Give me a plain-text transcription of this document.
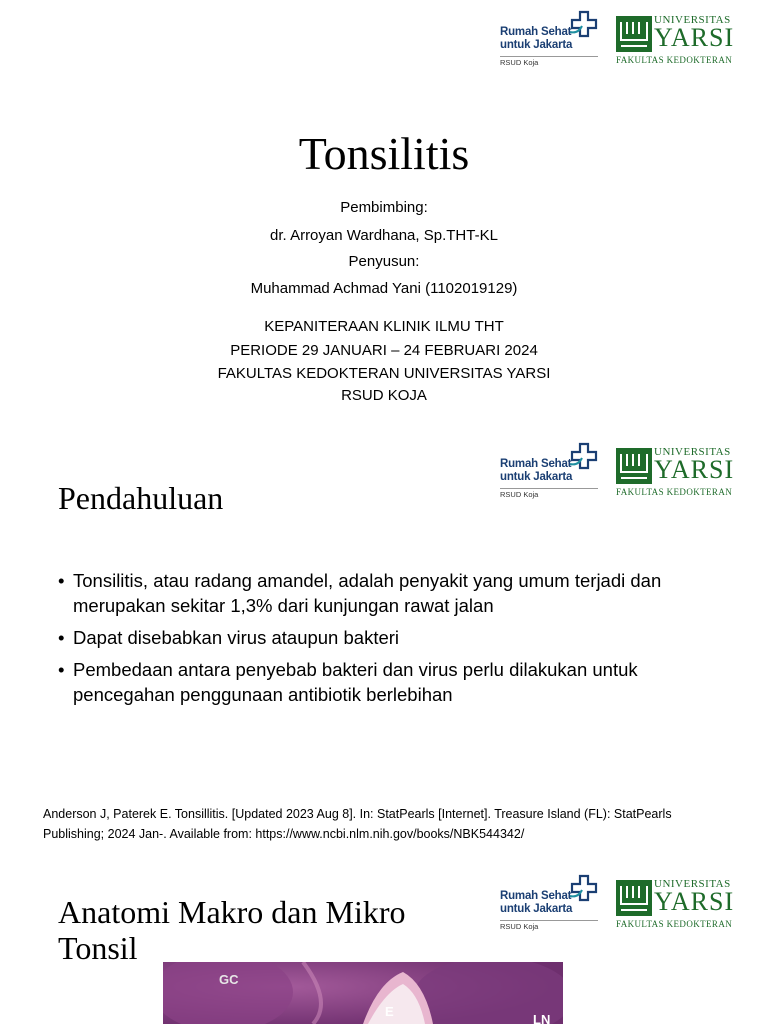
Rumah Sehat
untuk Jakarta
RSUD Koja
UNIVERSITAS
YARSI
FAKULTAS KEDOKTERAN
Tonsilitis
Pembimbing:
dr. Arroyan Wardhana, Sp.THT-KL
Penyusun:
Muhammad Achmad Yani (1102019129)
KEPANITERAAN KLINIK ILMU THT
PERIODE 29 JANUARI – 24 FEBRUARI 2024
FAKULTAS KEDOKTERAN UNIVERSITAS YARSI
RSUD KOJA
Rumah Sehat
untuk Jakarta
RSUD Koja
UNIVERSITAS
YARSI
FAKULTAS KEDOKTERAN
Pendahuluan
• Tonsilitis, atau radang amandel, adalah penyakit yang umum terjadi dan merupakan sekitar 1,3% dari kunjungan rawat jalan
• Dapat disebabkan virus ataupun bakteri
• Pembedaan antara penyebab bakteri dan virus perlu dilakukan untuk pencegahan penggunaan antibiotik berlebihan
Anderson J, Paterek E. Tonsillitis. [Updated 2023 Aug 8]. In: StatPearls [Internet]. Treasure Island (FL): StatPearls Publishing; 2024 Jan-. Available from: https://www.ncbi.nlm.nih.gov/books/NBK544342/
Rumah Sehat
untuk Jakarta
RSUD Koja
UNIVERSITAS
YARSI
FAKULTAS KEDOKTERAN
Anatomi Makro dan Mikro
Tonsil
GC
E
LN
